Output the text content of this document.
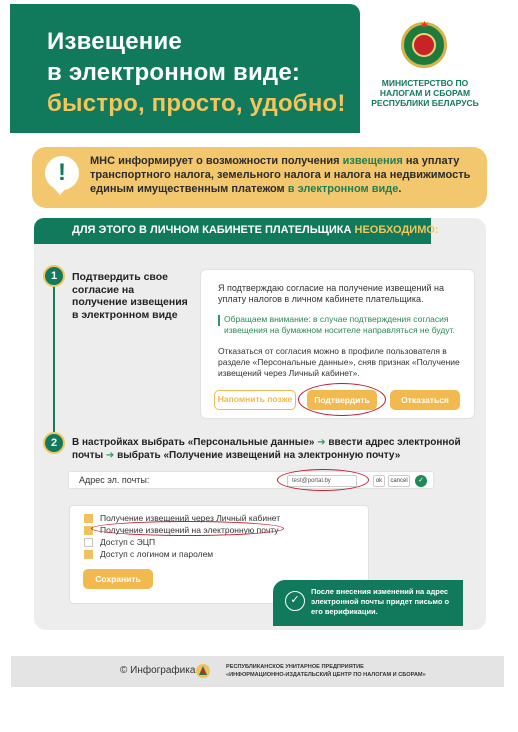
Извещение
в электронном виде:
быстро, просто, удобно!
★
МИНИСТЕРСТВО ПО НАЛОГАМ И СБОРАМ РЕСПУБЛИКИ БЕЛАРУСЬ
!	МНС информирует о возможности получения извещения на уплату транспортного налога, земельного налога и налога на недвижимость единым имущественным платежом в электронном виде.
ДЛЯ ЭТОГО В ЛИЧНОМ КАБИНЕТЕ ПЛАТЕЛЬЩИКА НЕОБХОДИМО:
1	Подтвердить свое согласие на получение извещения в электронном виде
Я подтверждаю согласие на получение извещений на уплату налогов в личном кабинете плательщика.
Обращаем внимание: в случае подтверждения согласия извещения на бумажном носителе направляться не будут.
Отказаться от согласия можно в профиле пользователя в разделе «Персональные данные», сняв признак «Получение извещений через Личный кабинет».
Напомнить позже	Подтвердить	Отказаться
2	В настройках выбрать «Персональные данные» ➔ ввести адрес электронной почты ➔ выбрать «Получение извещений на электронную почту»
Адрес эл. почты:	test@portal.by	ok	cancel	✓
Получение извещений через Личный кабинет
Получение извещений на электронную почту
Доступ с ЭЦП
Доступ с логином и паролем
Сохранить
✓
После внесения изменений на адрес электронной почты придет письмо о его верификации.
© Инфографика	РЕСПУБЛИКАНСКОЕ УНИТАРНОЕ ПРЕДПРИЯТИЕ
«ИНФОРМАЦИОННО-ИЗДАТЕЛЬСКИЙ ЦЕНТР ПО НАЛОГАМ И СБОРАМ»
